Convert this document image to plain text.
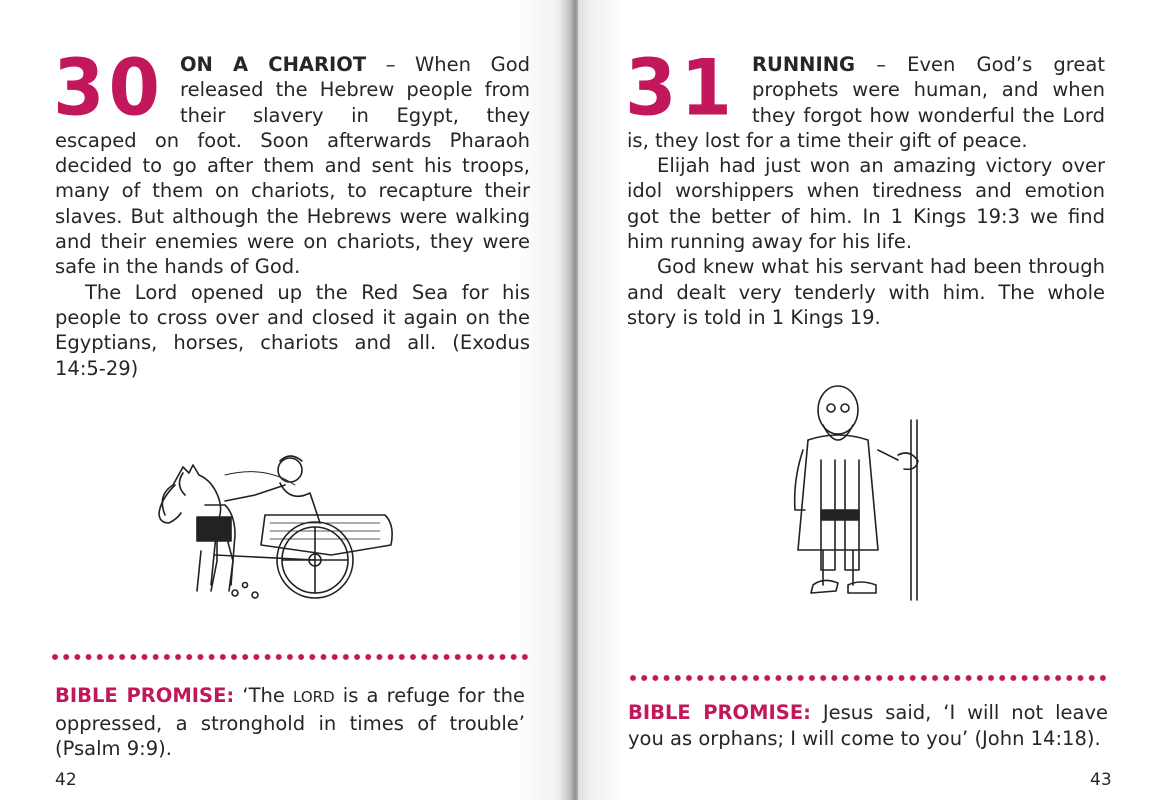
30 ON A CHARIOT – When God released the Hebrew people from their slavery in Egypt, they escaped on foot. Soon afterwards Pharaoh decided to go after them and sent his troops, many of them on chariots, to recapture their slaves. But although the Hebrews were walking and their enemies were on chariots, they were safe in the hands of God.

The Lord opened up the Red Sea for his people to cross over and closed it again on the Egyptians, horses, chariots and all. (Exodus 14:5-29)

BIBLE PROMISE: ‘The LORD is a refuge for the oppressed, a stronghold in times of trouble’ (Psalm 9:9).
42
31 RUNNING – Even God’s great prophets were human, and when they forgot how wonderful the Lord is, they lost for a time their gift of peace.

Elijah had just won an amazing victory over idol worshippers when tiredness and emotion got the better of him. In 1 Kings 19:3 we find him running away for his life.

God knew what his servant had been through and dealt very tenderly with him. The whole story is told in 1 Kings 19.

BIBLE PROMISE: Jesus said, ‘I will not leave you as orphans; I will come to you’ (John 14:18).
43
